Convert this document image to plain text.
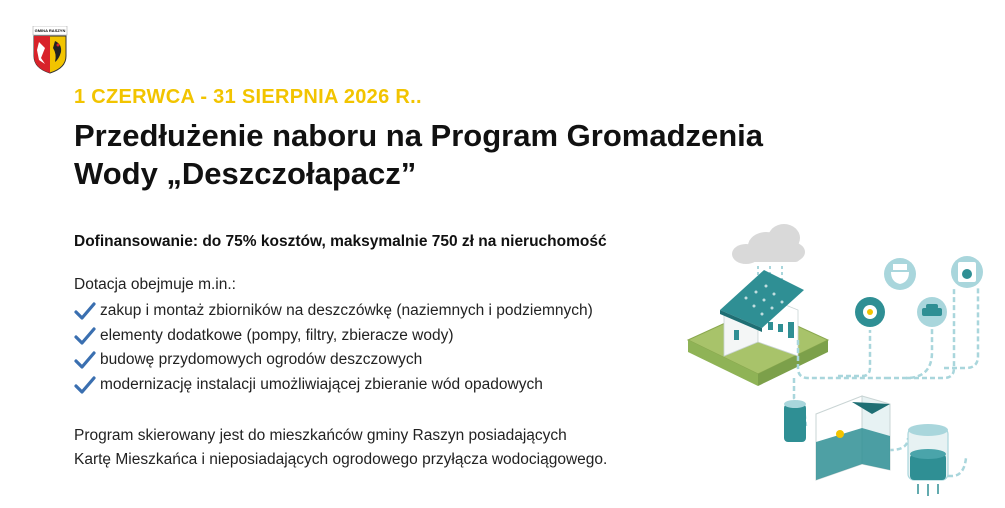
GMINA RASZYN
1 CZERWCA - 31 SIERPNIA 2026 R..
Przedłużenie naboru na Program Gromadzenia
Wody „Deszczołapacz”
Dofinansowanie: do 75% kosztów, maksymalnie 750 zł na nieruchomość
Dotacja obejmuje m.in.:
zakup i montaż zbiorników na deszczówkę (naziemnych i podziemnych)
elementy dodatkowe (pompy, filtry, zbieracze wody)
budowę przydomowych ogrodów deszczowych
modernizację instalacji umożliwiającej zbieranie wód opadowych
Program skierowany jest do mieszkańców gminy Raszyn posiadających
Kartę Mieszkańca i nieposiadających ogrodowego przyłącza wodociągowego.
